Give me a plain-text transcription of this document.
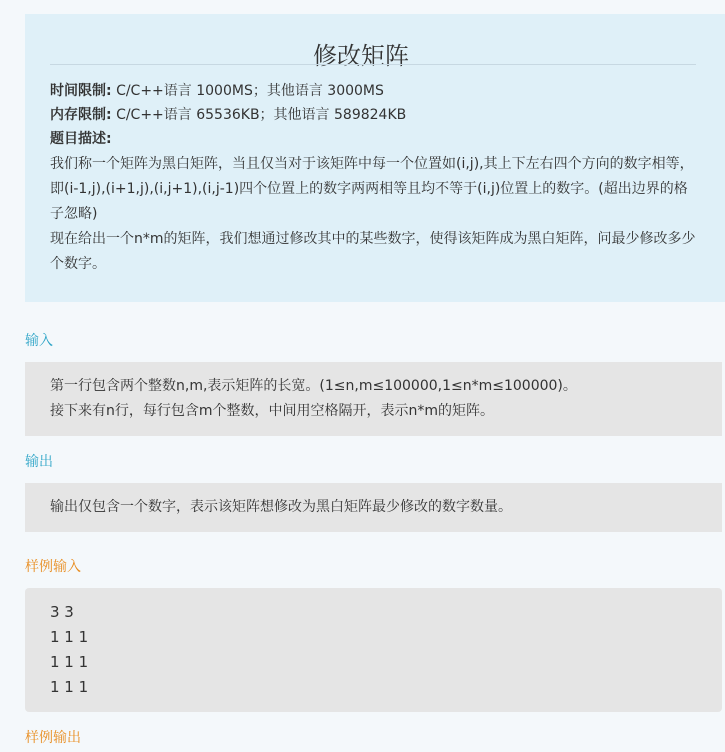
修改矩阵
时间限制: C/C++语言 1000MS；其他语言 3000MS
内存限制: C/C++语言 65536KB；其他语言 589824KB
题目描述:

我们称一个矩阵为黑白矩阵，当且仅当对于该矩阵中每一个位置如(i,j),其上下左右四个方向的数字相等，即(i-1,j),(i+1,j),(i,j+1),(i,j-1)四个位置上的数字两两相等且均不等于(i,j)位置上的数字。(超出边界的格子忽略)

现在给出一个n*m的矩阵，我们想通过修改其中的某些数字，使得该矩阵成为黑白矩阵，问最少修改多少个数字。

输入

第一行包含两个整数n,m,表示矩阵的长宽。(1≤n,m≤100000,1≤n*m≤100000)。

接下来有n行，每行包含m个整数，中间用空格隔开，表示n*m的矩阵。

输出

输出仅包含一个数字，表示该矩阵想修改为黑白矩阵最少修改的数字数量。

样例输入
3 3
1 1 1
1 1 1
1 1 1
样例输出
